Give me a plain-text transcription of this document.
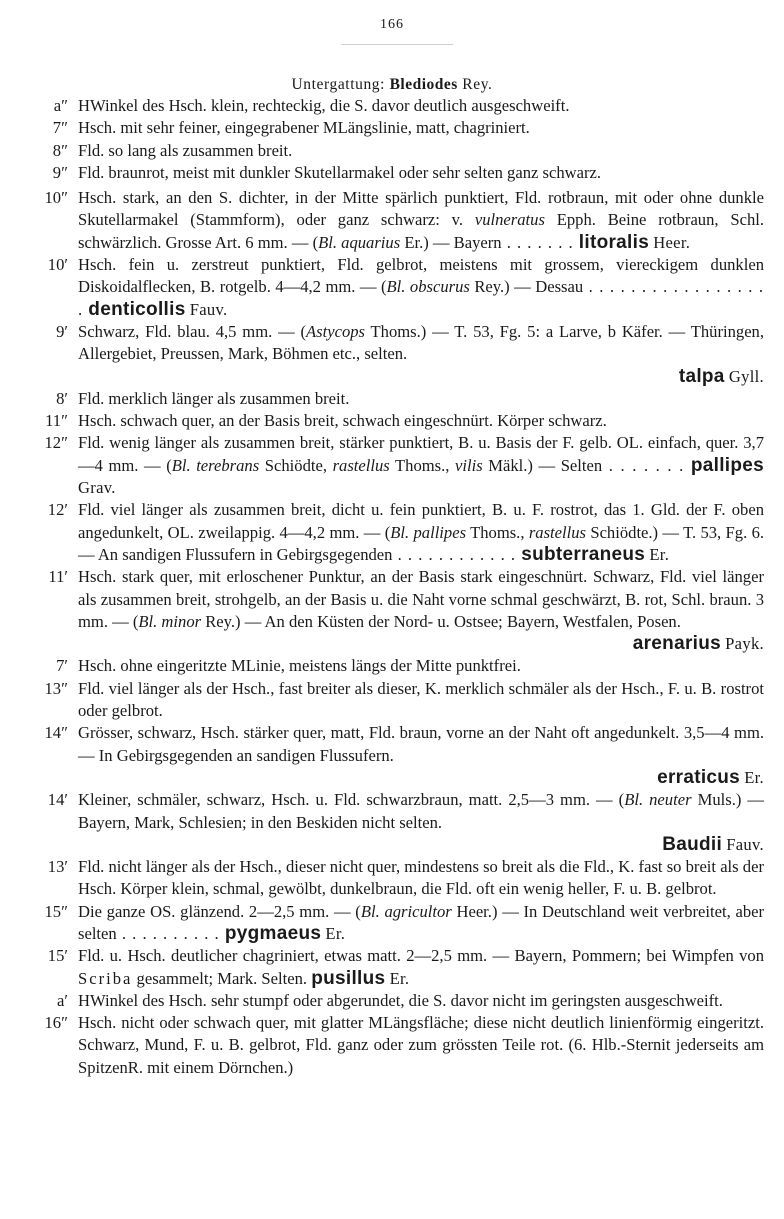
166
Untergattung: Blediodes Rey.
a″ HWinkel des Hsch. klein, rechteckig, die S. davor deutlich ausgeschweift.
7″ Hsch. mit sehr feiner, eingegrabener MLängslinie, matt, chagriniert.
8″ Fld. so lang als zusammen breit.
9″ Fld. braunrot, meist mit dunkler Skutellarmakel oder sehr selten ganz schwarz.
10″ Hsch. stark, an den S. dichter, in der Mitte spärlich punktiert, Fld. rotbraun, mit oder ohne dunkle Skutellarmakel (Stammform), oder ganz schwarz: v. vulneratus Epph. Beine rotbraun, Schl. schwärzlich. Grosse Art. 6 mm. — (Bl. aquarius Er.) — Bayern . . . . . . . litoralis Heer.
10′ Hsch. fein u. zerstreut punktiert, Fld. gelbrot, meistens mit grossem, viereckigem dunklen Diskoidalflecken, B. rotgelb. 4—4,2 mm. — (Bl. obscurus Rey.) — Dessau . . . . . . . . . . . . . . . . . . denticollis Fauv.
9′ Schwarz, Fld. blau. 4,5 mm. — (Astycops Thoms.) — T. 53, Fg. 5: a Larve, b Käfer. — Thüringen, Allergebiet, Preussen, Mark, Böhmen etc., selten.
talpa Gyll.
8′ Fld. merklich länger als zusammen breit.
11″ Hsch. schwach quer, an der Basis breit, schwach eingeschnürt. Körper schwarz.
12″ Fld. wenig länger als zusammen breit, stärker punktiert, B. u. Basis der F. gelb. OL. einfach, quer. 3,7—4 mm. — (Bl. terebrans Schiödte, rastellus Thoms., vilis Mäkl.) — Selten . . . . . . . pallipes Grav.
12′ Fld. viel länger als zusammen breit, dicht u. fein punktiert, B. u. F. rostrot, das 1. Gld. der F. oben angedunkelt, OL. zweilappig. 4—4,2 mm. — (Bl. pallipes Thoms., rastellus Schiödte.) — T. 53, Fg. 6. — An sandigen Flussufern in Gebirgsgegenden . . . . . . . . . . . . subterraneus Er.
11′ Hsch. stark quer, mit erloschener Punktur, an der Basis stark eingeschnürt. Schwarz, Fld. viel länger als zusammen breit, strohgelb, an der Basis u. die Naht vorne schmal geschwärzt, B. rot, Schl. braun. 3 mm. — (Bl. minor Rey.) — An den Küsten der Nord- u. Ostsee; Bayern, Westfalen, Posen.
arenarius Payk.
7′ Hsch. ohne eingeritzte MLinie, meistens längs der Mitte punktfrei.
13″ Fld. viel länger als der Hsch., fast breiter als dieser, K. merklich schmäler als der Hsch., F. u. B. rostrot oder gelbrot.
14″ Grösser, schwarz, Hsch. stärker quer, matt, Fld. braun, vorne an der Naht oft angedunkelt. 3,5—4 mm. — In Gebirgsgegenden an sandigen Flussufern.
erraticus Er.
14′ Kleiner, schmäler, schwarz, Hsch. u. Fld. schwarzbraun, matt. 2,5—3 mm. — (Bl. neuter Muls.) — Bayern, Mark, Schlesien; in den Beskiden nicht selten.
Baudii Fauv.
13′ Fld. nicht länger als der Hsch., dieser nicht quer, mindestens so breit als die Fld., K. fast so breit als der Hsch. Körper klein, schmal, gewölbt, dunkelbraun, die Fld. oft ein wenig heller, F. u. B. gelbrot.
15″ Die ganze OS. glänzend. 2—2,5 mm. — (Bl. agricultor Heer.) — In Deutschland weit verbreitet, aber selten . . . . . . . . . . pygmaeus Er.
15′ Fld. u. Hsch. deutlicher chagriniert, etwas matt. 2—2,5 mm. — Bayern, Pommern; bei Wimpfen von Scriba gesammelt; Mark. Selten. pusillus Er.
a′ HWinkel des Hsch. sehr stumpf oder abgerundet, die S. davor nicht im geringsten ausgeschweift.
16″ Hsch. nicht oder schwach quer, mit glatter MLängsfläche; diese nicht deutlich linienförmig eingeritzt. Schwarz, Mund, F. u. B. gelbrot, Fld. ganz oder zum grössten Teile rot. (6. Hlb.-Sternit jederseits am SpitzenR. mit einem Dörnchen.)
